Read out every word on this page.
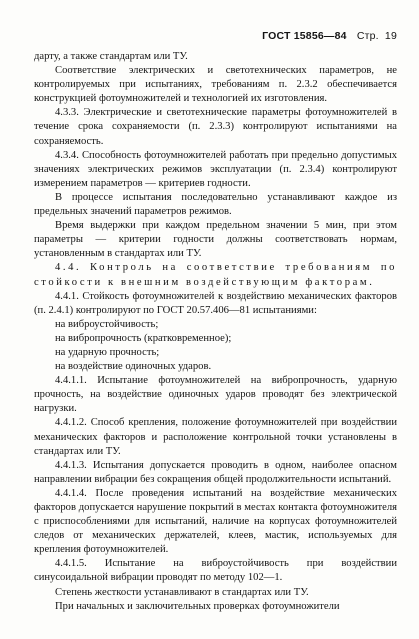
ГОСТ 15856—84 Стр. 19

дарту, а также стандартам или ТУ.

Соответствие электрических и светотехнических параметров, не контролируемых при испытаниях, требованиям п. 2.3.2 обеспечивается конструкцией фотоумножителей и технологией их изготовления.

4.3.3. Электрические и светотехнические параметры фотоумножителей в течение срока сохраняемости (п. 2.3.3) контролируют испытаниями на сохраняемость.

4.3.4. Способность фотоумножителей работать при предельно допустимых значениях электрических режимов эксплуатации (п. 2.3.4) контролируют измерением параметров — критериев годности.

В процессе испытания последовательно устанавливают каждое из предельных значений параметров режимов.

Время выдержки при каждом предельном значении 5 мин, при этом параметры — критерии годности должны соответствовать нормам, установленным в стандартах или ТУ.

4.4. Контроль на соответствие требованиям по стойкости к внешним воздействующим факторам.

4.4.1. Стойкость фотоумножителей к воздействию механических факторов (п. 2.4.1) контролируют по ГОСТ 20.57.406—81 испытаниями:

на виброустойчивость;

на вибропрочность (кратковременное);

на ударную прочность;

на воздействие одиночных ударов.

4.4.1.1. Испытание фотоумножителей на вибропрочность, ударную прочность, на воздействие одиночных ударов проводят без электрической нагрузки.

4.4.1.2. Способ крепления, положение фотоумножителей при воздействии механических факторов и расположение контрольной точки установлены в стандартах или ТУ.

4.4.1.3. Испытания допускается проводить в одном, наиболее опасном направлении вибрации без сокращения общей продолжительности испытаний.

4.4.1.4. После проведения испытаний на воздействие механических факторов допускается нарушение покрытий в местах контакта фотоумножителя с приспособлениями для испытаний, наличие на корпусах фотоумножителей следов от механических держателей, клеев, мастик, используемых для крепления фотоумножителей.

4.4.1.5. Испытание на виброустойчивость при воздействии синусоидальной вибрации проводят по методу 102—1.

Степень жесткости устанавливают в стандартах или ТУ.

При начальных и заключительных проверках фотоумножители
